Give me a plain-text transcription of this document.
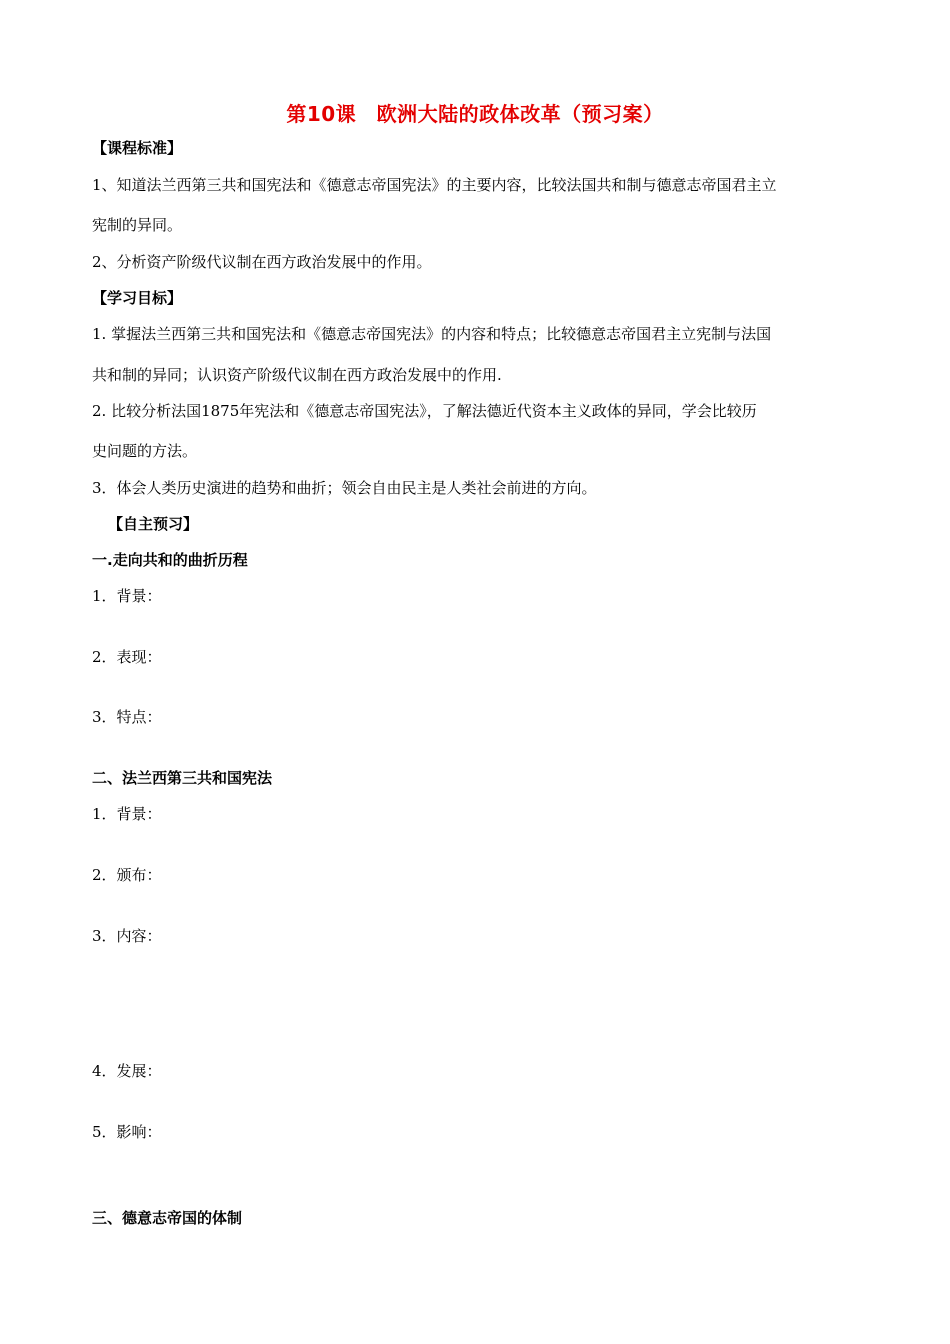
第10课　欧洲大陆的政体改革（预习案）
【课程标准】
1、知道法兰西第三共和国宪法和《德意志帝国宪法》的主要内容，比较法国共和制与德意志帝国君主立
宪制的异同。
2、分析资产阶级代议制在西方政治发展中的作用。
【学习目标】
1. 掌握法兰西第三共和国宪法和《德意志帝国宪法》的内容和特点；比较德意志帝国君主立宪制与法国
共和制的异同；认识资产阶级代议制在西方政治发展中的作用.
2. 比较分析法国1875年宪法和《德意志帝国宪法》，了解法德近代资本主义政体的异同，学会比较历
史问题的方法。
3．体会人类历史演进的趋势和曲折；领会自由民主是人类社会前进的方向。
【自主预习】
一.走向共和的曲折历程
1．背景：
2．表现：
3．特点：
二、法兰西第三共和国宪法
1．背景：
2．颁布：
3．内容：
4．发展：
5．影响：
三、德意志帝国的体制
